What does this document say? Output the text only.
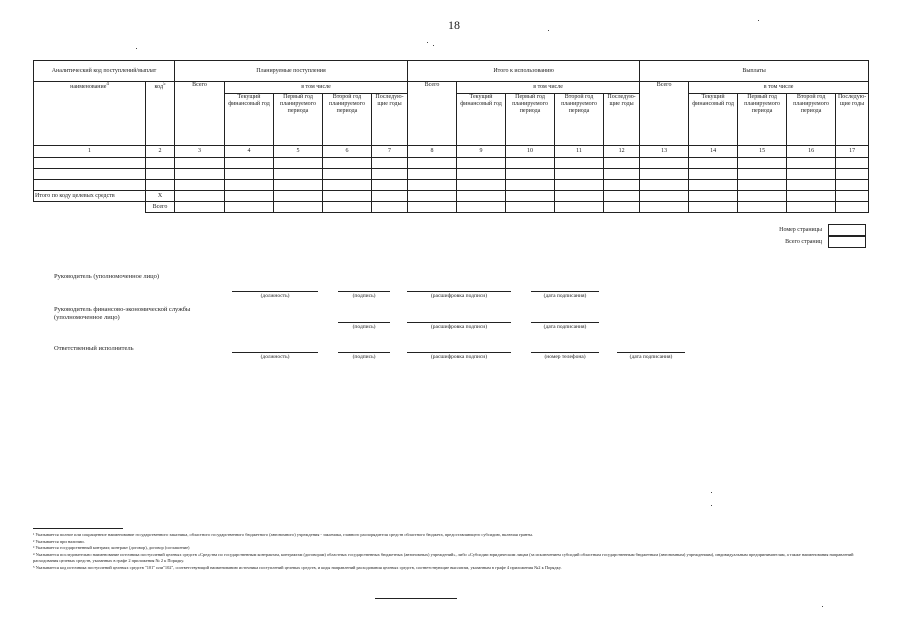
18
Аналитический код поступлений/выплат		Планируемые поступления					Итого к использованию					Выплаты				
наименование$^4$	код$^5$	Всего	в том числе				Всего	в том числе				Всего	в том числе			
			Текущий финансовый год	Первый год планируемого периода	Второй год планируемого периода	Последую-щие годы		Текущий финансовый год	Первый год планируемого периода	Второй год планируемого периода	Последую-щие годы		Текущий финансовый год	Первый год планируемого периода	Второй год планируемого периода	Последую-щие годы
1	2	3	4	5	6	7	8	9	10	11	12	13	14	15	16	17

Итого по коду целевых средств	X															
	Всего															
Номер страницы
Всего страниц
Руководитель (уполномоченное лицо)
(должность)	(подпись)	(расшифровка подписи)	(дата подписания)
Руководитель финансово-экономической службы (уполномоченное лицо)
(подпись)	(расшифровка подписи)	(дата подписания)
Ответственный исполнитель
(должность)	(подпись)	(расшифровка подписи)	(номер телефона)	(дата подписания)
¹ Указывается полное или сокращенное наименование государственного заказчика, областного государственного бюджетного (автономного) учреждения - заказчика, главного распорядителя средств областного бюджета, предоставляющего субсидию, включая гранты.
² Указывается при наличии.
³ Указывается государственный контракт, контракт (договор), договор (соглашение)
⁴ Указывается последовательно наименование источника поступлений целевых средств «Средства по государственным контрактам, контрактам (договорам) областных государственных бюджетных (автономных) учреждений», либо «Субсидии юридическим лицам (за исключением субсидий областным государственным бюджетным (автономным) учреждениям), индивидуальным предпринимателям, а также наименования направлений расходования целевых средств, указанных в графе 2 приложения № 2 к Порядку.
⁵ Указывается код источника поступлений целевых средств "101" или"102", соответствующий наименованию источника поступлений целевых средств, и коды направлений расходования целевых средств, соответствующие выплатам, указанным в графе 4 приложения №2 к Порядку.
